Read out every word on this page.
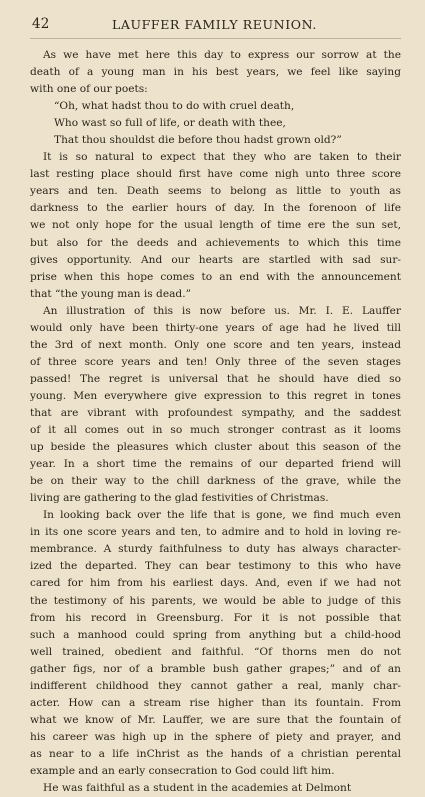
42	LAUFFER FAMILY REUNION.
As we have met here this day to express our sorrow at the
death of a young man in his best years, we feel like saying
with one of our poets:
“Oh, what hadst thou to do with cruel death,
Who wast so full of life, or death with thee,
That thou shouldst die before thou hadst grown old?”
It is so natural to expect that they who are taken to their
last resting place should first have come nigh unto three score
years and ten. Death seems to belong as little to youth as
darkness to the earlier hours of day. In the forenoon of life
we not only hope for the usual length of time ere the sun set,
but also for the deeds and achievements to which this time
gives opportunity. And our hearts are startled with sad sur-
prise when this hope comes to an end with the announcement
that “the young man is dead.”
An illustration of this is now before us. Mr. I. E. Lauffer
would only have been thirty-one years of age had he lived till
the 3rd of next month. Only one score and ten years, instead
of three score years and ten! Only three of the seven stages
passed! The regret is universal that he should have died so
young. Men everywhere give expression to this regret in tones
that are vibrant with profoundest sympathy, and the saddest
of it all comes out in so much stronger contrast as it looms
up beside the pleasures which cluster about this season of the
year. In a short time the remains of our departed friend will
be on their way to the chill darkness of the grave, while the
living are gathering to the glad festivities of Christmas.
In looking back over the life that is gone, we find much even
in its one score years and ten, to admire and to hold in loving re-
membrance. A sturdy faithfulness to duty has always character-
ized the departed. They can bear testimony to this who have
cared for him from his earliest days. And, even if we had not
the testimony of his parents, we would be able to judge of this
from his record in Greensburg. For it is not possible that
such a manhood could spring from anything but a child-hood
well trained, obedient and faithful. “Of thorns men do not
gather figs, nor of a bramble bush gather grapes;” and of an
indifferent childhood they cannot gather a real, manly char-
acter. How can a stream rise higher than its fountain. From
what we know of Mr. Lauffer, we are sure that the fountain of
his career was high up in the sphere of piety and prayer, and
as near to a life inChrist as the hands of a christian perental
example and an early consecration to God could lift him.
He was faithful as a student in the academies at Delmont
